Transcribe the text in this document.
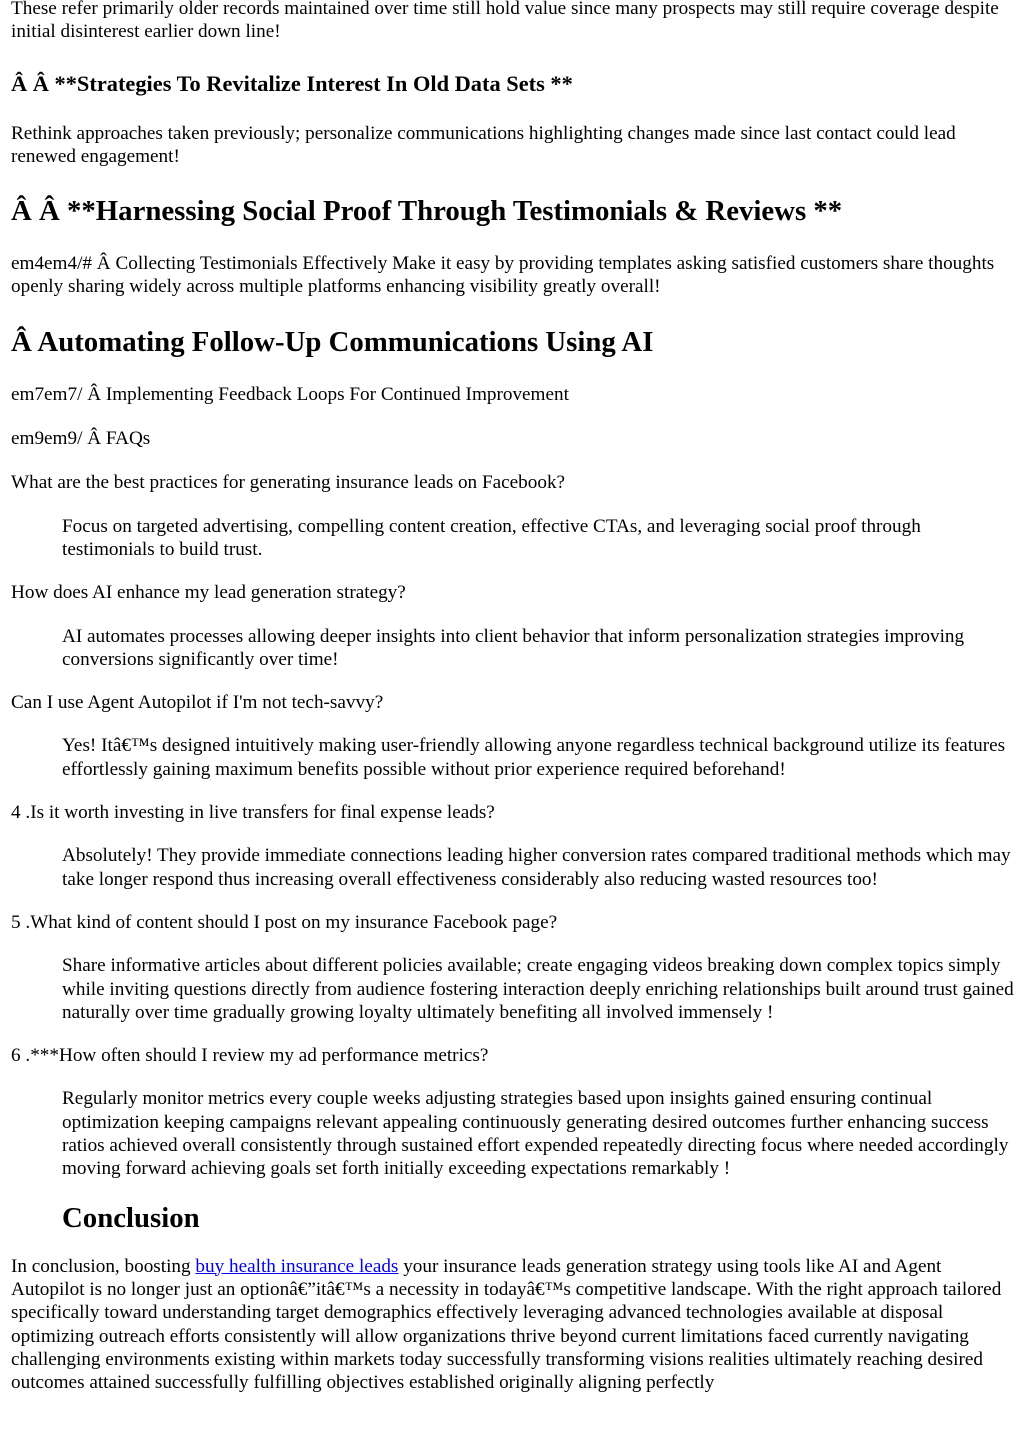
These refer primarily older records maintained over time still hold value since many prospects may still require coverage despite initial disinterest earlier down line!

Â Â **Strategies To Revitalize Interest In Old Data Sets **

Rethink approaches taken previously; personalize communications highlighting changes made since last contact could lead renewed engagement!

Â Â **Harnessing Social Proof Through Testimonials & Reviews **

em4em4/# Â Collecting Testimonials Effectively Make it easy by providing templates asking satisfied customers share thoughts openly sharing widely across multiple platforms enhancing visibility greatly overall!

Â Automating Follow-Up Communications Using AI

em7em7/ Â Implementing Feedback Loops For Continued Improvement

em9em9/ Â FAQs

What are the best practices for generating insurance leads on Facebook?
Focus on targeted advertising, compelling content creation, effective CTAs, and leveraging social proof through testimonials to build trust.
How does AI enhance my lead generation strategy?
AI automates processes allowing deeper insights into client behavior that inform personalization strategies improving conversions significantly over time!
Can I use Agent Autopilot if I'm not tech-savvy?
Yes! Itâ€™s designed intuitively making user-friendly allowing anyone regardless technical background utilize its features effortlessly gaining maximum benefits possible without prior experience required beforehand!
4 .Is it worth investing in live transfers for final expense leads?
Absolutely! They provide immediate connections leading higher conversion rates compared traditional methods which may take longer respond thus increasing overall effectiveness considerably also reducing wasted resources too!
5 .What kind of content should I post on my insurance Facebook page?
Share informative articles about different policies available; create engaging videos breaking down complex topics simply while inviting questions directly from audience fostering interaction deeply enriching relationships built around trust gained naturally over time gradually growing loyalty ultimately benefiting all involved immensely !
6 .***How often should I review my ad performance metrics?
Regularly monitor metrics every couple weeks adjusting strategies based upon insights gained ensuring continual optimization keeping campaigns relevant appealing continuously generating desired outcomes further enhancing success ratios achieved overall consistently through sustained effort expended repeatedly directing focus where needed accordingly moving forward achieving goals set forth initially exceeding expectations remarkably !
Conclusion

In conclusion, boosting buy health insurance leads your insurance leads generation strategy using tools like AI and Agent Autopilot is no longer just an optionâ€”itâ€™s a necessity in todayâ€™s competitive landscape. With the right approach tailored specifically toward understanding target demographics effectively leveraging advanced technologies available at disposal optimizing outreach efforts consistently will allow organizations thrive beyond current limitations faced currently navigating challenging environments existing within markets today successfully transforming visions realities ultimately reaching desired outcomes attained successfully fulfilling objectives established originally aligning perfectly
